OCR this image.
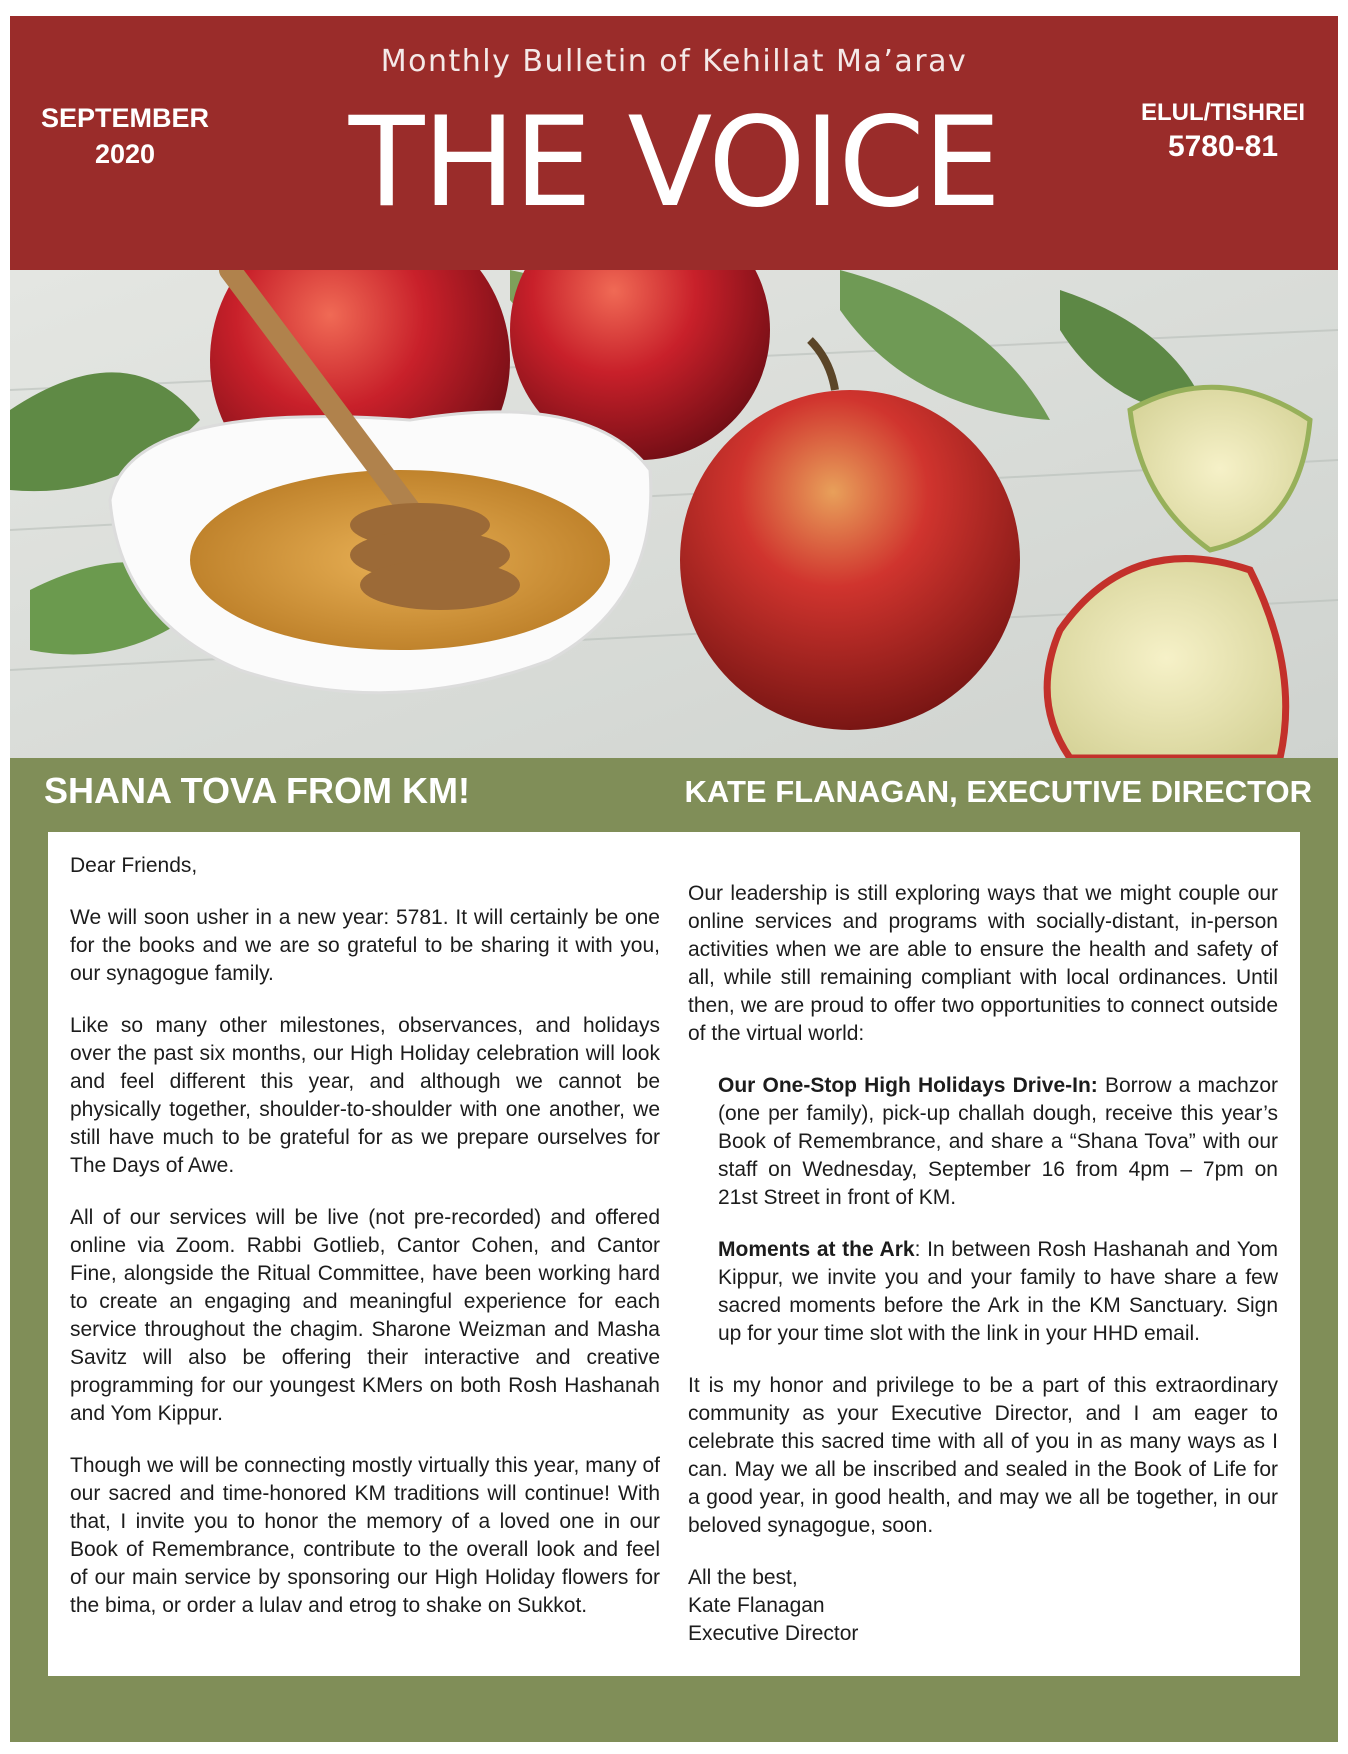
Monthly Bulletin of Kehillat Ma’arav
SEPTEMBER
2020	THE VOICE	ELUL/TISHREI
5780-81
SHANA TOVA FROM KM!	KATE FLANAGAN, EXECUTIVE DIRECTOR

Dear Friends,

We will soon usher in a new year: 5781. It will certainly be one for the books and we are so grateful to be sharing it with you, our synagogue family.

Like so many other milestones, observances, and holidays over the past six months, our High Holiday celebration will look and feel different this year, and although we cannot be physically together, shoulder-to-shoulder with one another, we still have much to be grateful for as we prepare ourselves for The Days of Awe.

All of our services will be live (not pre-recorded) and offered online via Zoom. Rabbi Gotlieb, Cantor Cohen, and Cantor Fine, alongside the Ritual Committee, have been working hard to create an engaging and meaningful experience for each service throughout the chagim. Sharone Weizman and Masha Savitz will also be offering their interactive and creative programming for our youngest KMers on both Rosh Hashanah and Yom Kippur.

Though we will be connecting mostly virtually this year, many of our sacred and time-honored KM traditions will continue! With that, I invite you to honor the memory of a loved one in our Book of Remembrance, contribute to the overall look and feel of our main service by sponsoring our High Holiday flowers for the bima, or order a lulav and etrog to shake on Sukkot.

Our leadership is still exploring ways that we might couple our online services and programs with socially-distant, in-person activities when we are able to ensure the health and safety of all, while still remaining compliant with local ordinances. Until then, we are proud to offer two opportunities to connect outside of the virtual world:

Our One-Stop High Holidays Drive-In: Borrow a machzor (one per family), pick-up challah dough, receive this year’s Book of Remembrance, and share a “Shana Tova” with our staff on Wednesday, September 16 from 4pm – 7pm on 21st Street in front of KM.

Moments at the Ark: In between Rosh Hashanah and Yom Kippur, we invite you and your family to have share a few sacred moments before the Ark in the KM Sanctuary. Sign up for your time slot with the link in your HHD email.

It is my honor and privilege to be a part of this extraordinary community as your Executive Director, and I am eager to celebrate this sacred time with all of you in as many ways as I can. May we all be inscribed and sealed in the Book of Life for a good year, in good health, and may we all be together, in our beloved synagogue, soon.

All the best,
Kate Flanagan
Executive Director
